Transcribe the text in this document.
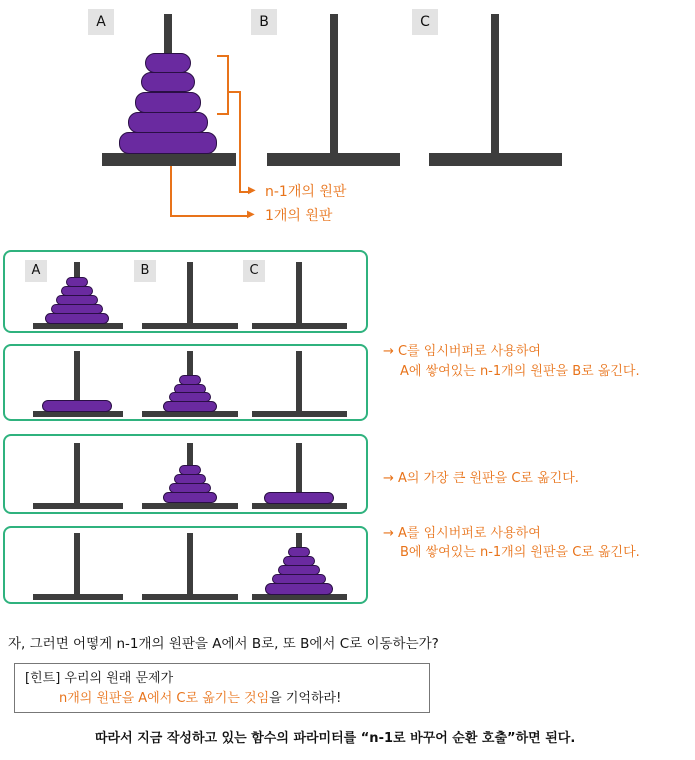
A	B	C
▶ n-1개의 원판
▶ 1개의 원판
A	B	C
→ C를 임시버퍼로 사용하여
A에 쌓여있는 n-1개의 원판을 B로 옮긴다.
→ A의 가장 큰 원판을 C로 옮긴다.
→ A를 임시버퍼로 사용하여
B에 쌓여있는 n-1개의 원판을 C로 옮긴다.
자, 그러면 어떻게 n-1개의 원판을 A에서 B로, 또 B에서 C로 이동하는가?
[힌트] 우리의 원래 문제가
n개의 원판을 A에서 C로 옮기는 것임을 기억하라!
따라서 지금 작성하고 있는 함수의 파라미터를 “n-1로 바꾸어 순환 호출”하면 된다.
